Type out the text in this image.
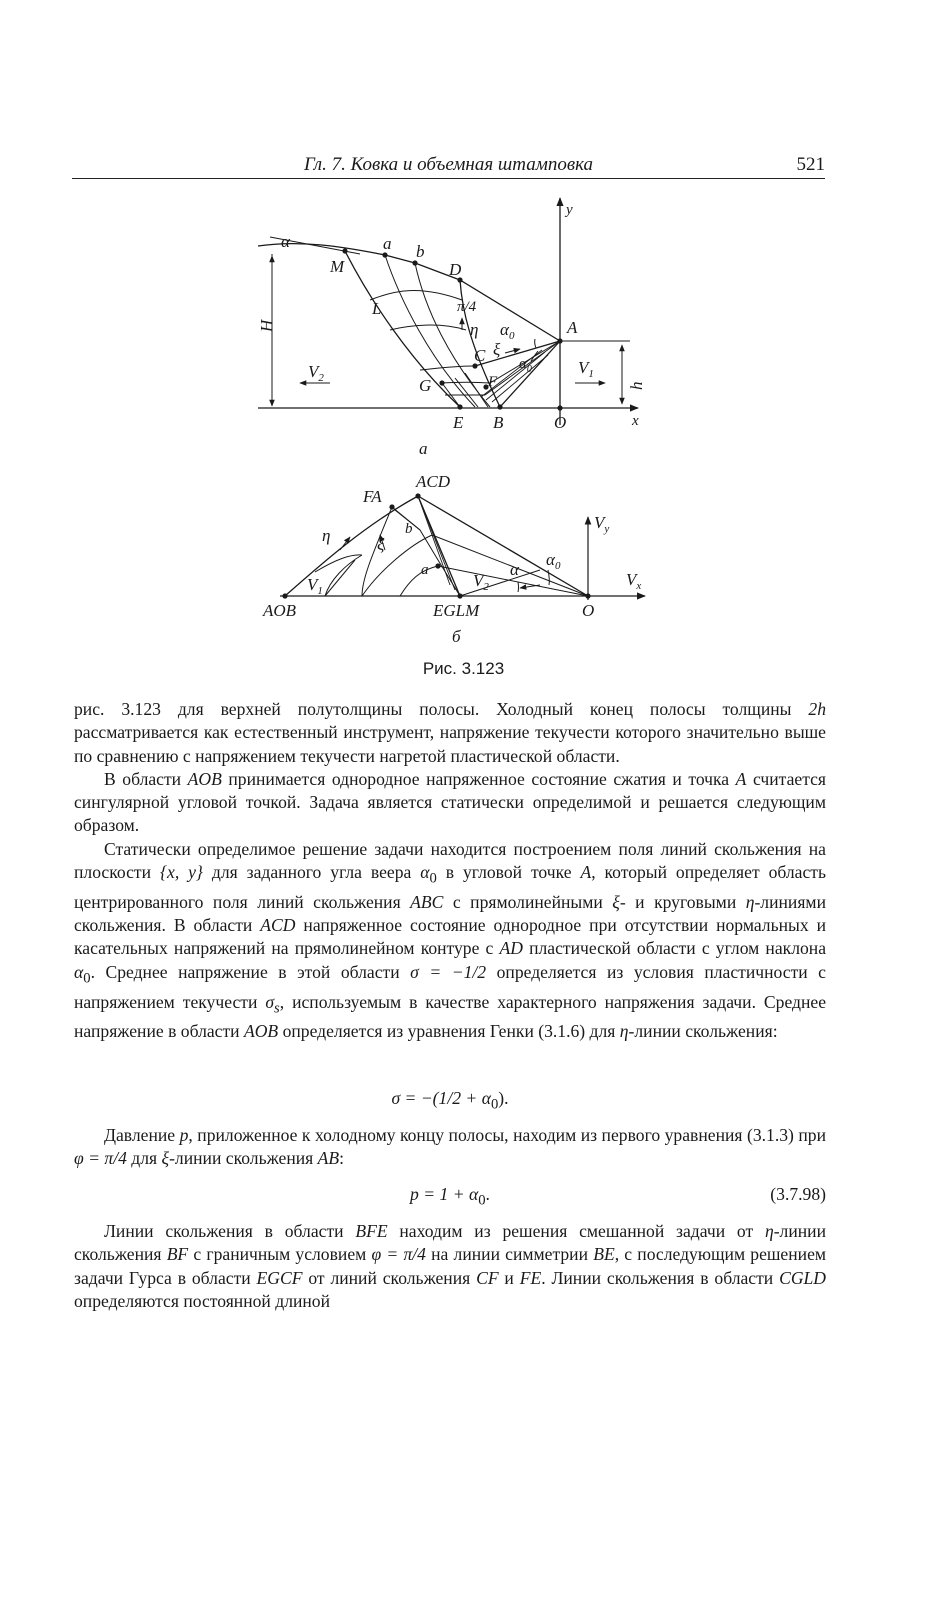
Гл. 7. Ковка и объемная штамповка	521
α
M
a b
D
L	π/4
η $\alpha_0$	A
C ξ
$\alpha_0$
F
G
E B	O	x
y
H
h
$V_2$
$V_1$
a
ACD
FA
η	ξ
b
a
$V_1$
$V_2$
α
$\alpha_0$
$V_y$
$V_x$
AOB	EGLM	O
б
Рис. 3.123

рис. 3.123 для верхней полутолщины полосы. Холодный конец полосы толщины 2h рассматривается как естественный инструмент, напряжение текучести которого значительно выше по сравнению с напряжением текучести нагретой пластической области.

В области AOB принимается однородное напряженное состояние сжатия и точка A считается сингулярной угловой точкой. Задача является статически определимой и решается следующим образом.

Статически определимое решение задачи находится построением поля линий скольжения на плоскости {x, y} для заданного угла веера $\alpha_0$ в угловой точке A, который определяет область центрированного поля линий скольжения ABC с прямолинейными ξ- и круговыми η-линиями скольжения. В области ACD напряженное состояние однородное при отсутствии нормальных и касательных напряжений на прямолинейном контуре с AD пластической области с углом наклона $\alpha_0$. Среднее напряжение в этой области σ = −1/2 определяется из условия пластичности с напряжением текучести $\sigma_s$, используемым в качестве характерного напряжения задачи. Среднее напряжение в области AOB определяется из уравнения Генки (3.1.6) для η-линии скольжения:

$\sigma = -(1/2 + \alpha_0)$.

Давление p, приложенное к холодному концу полосы, находим из первого уравнения (3.1.3) при φ = π/4 для ξ-линии скольжения AB:

$p = 1 + \alpha_0$.	(3.7.98)

Линии скольжения в области BFE находим из решения смешанной задачи от η-линии скольжения BF с граничным условием φ = π/4 на линии симметрии BE, с последующим решением задачи Гурса в области EGCF от линий скольжения CF и FE. Линии скольжения в области CGLD определяются постоянной длиной
